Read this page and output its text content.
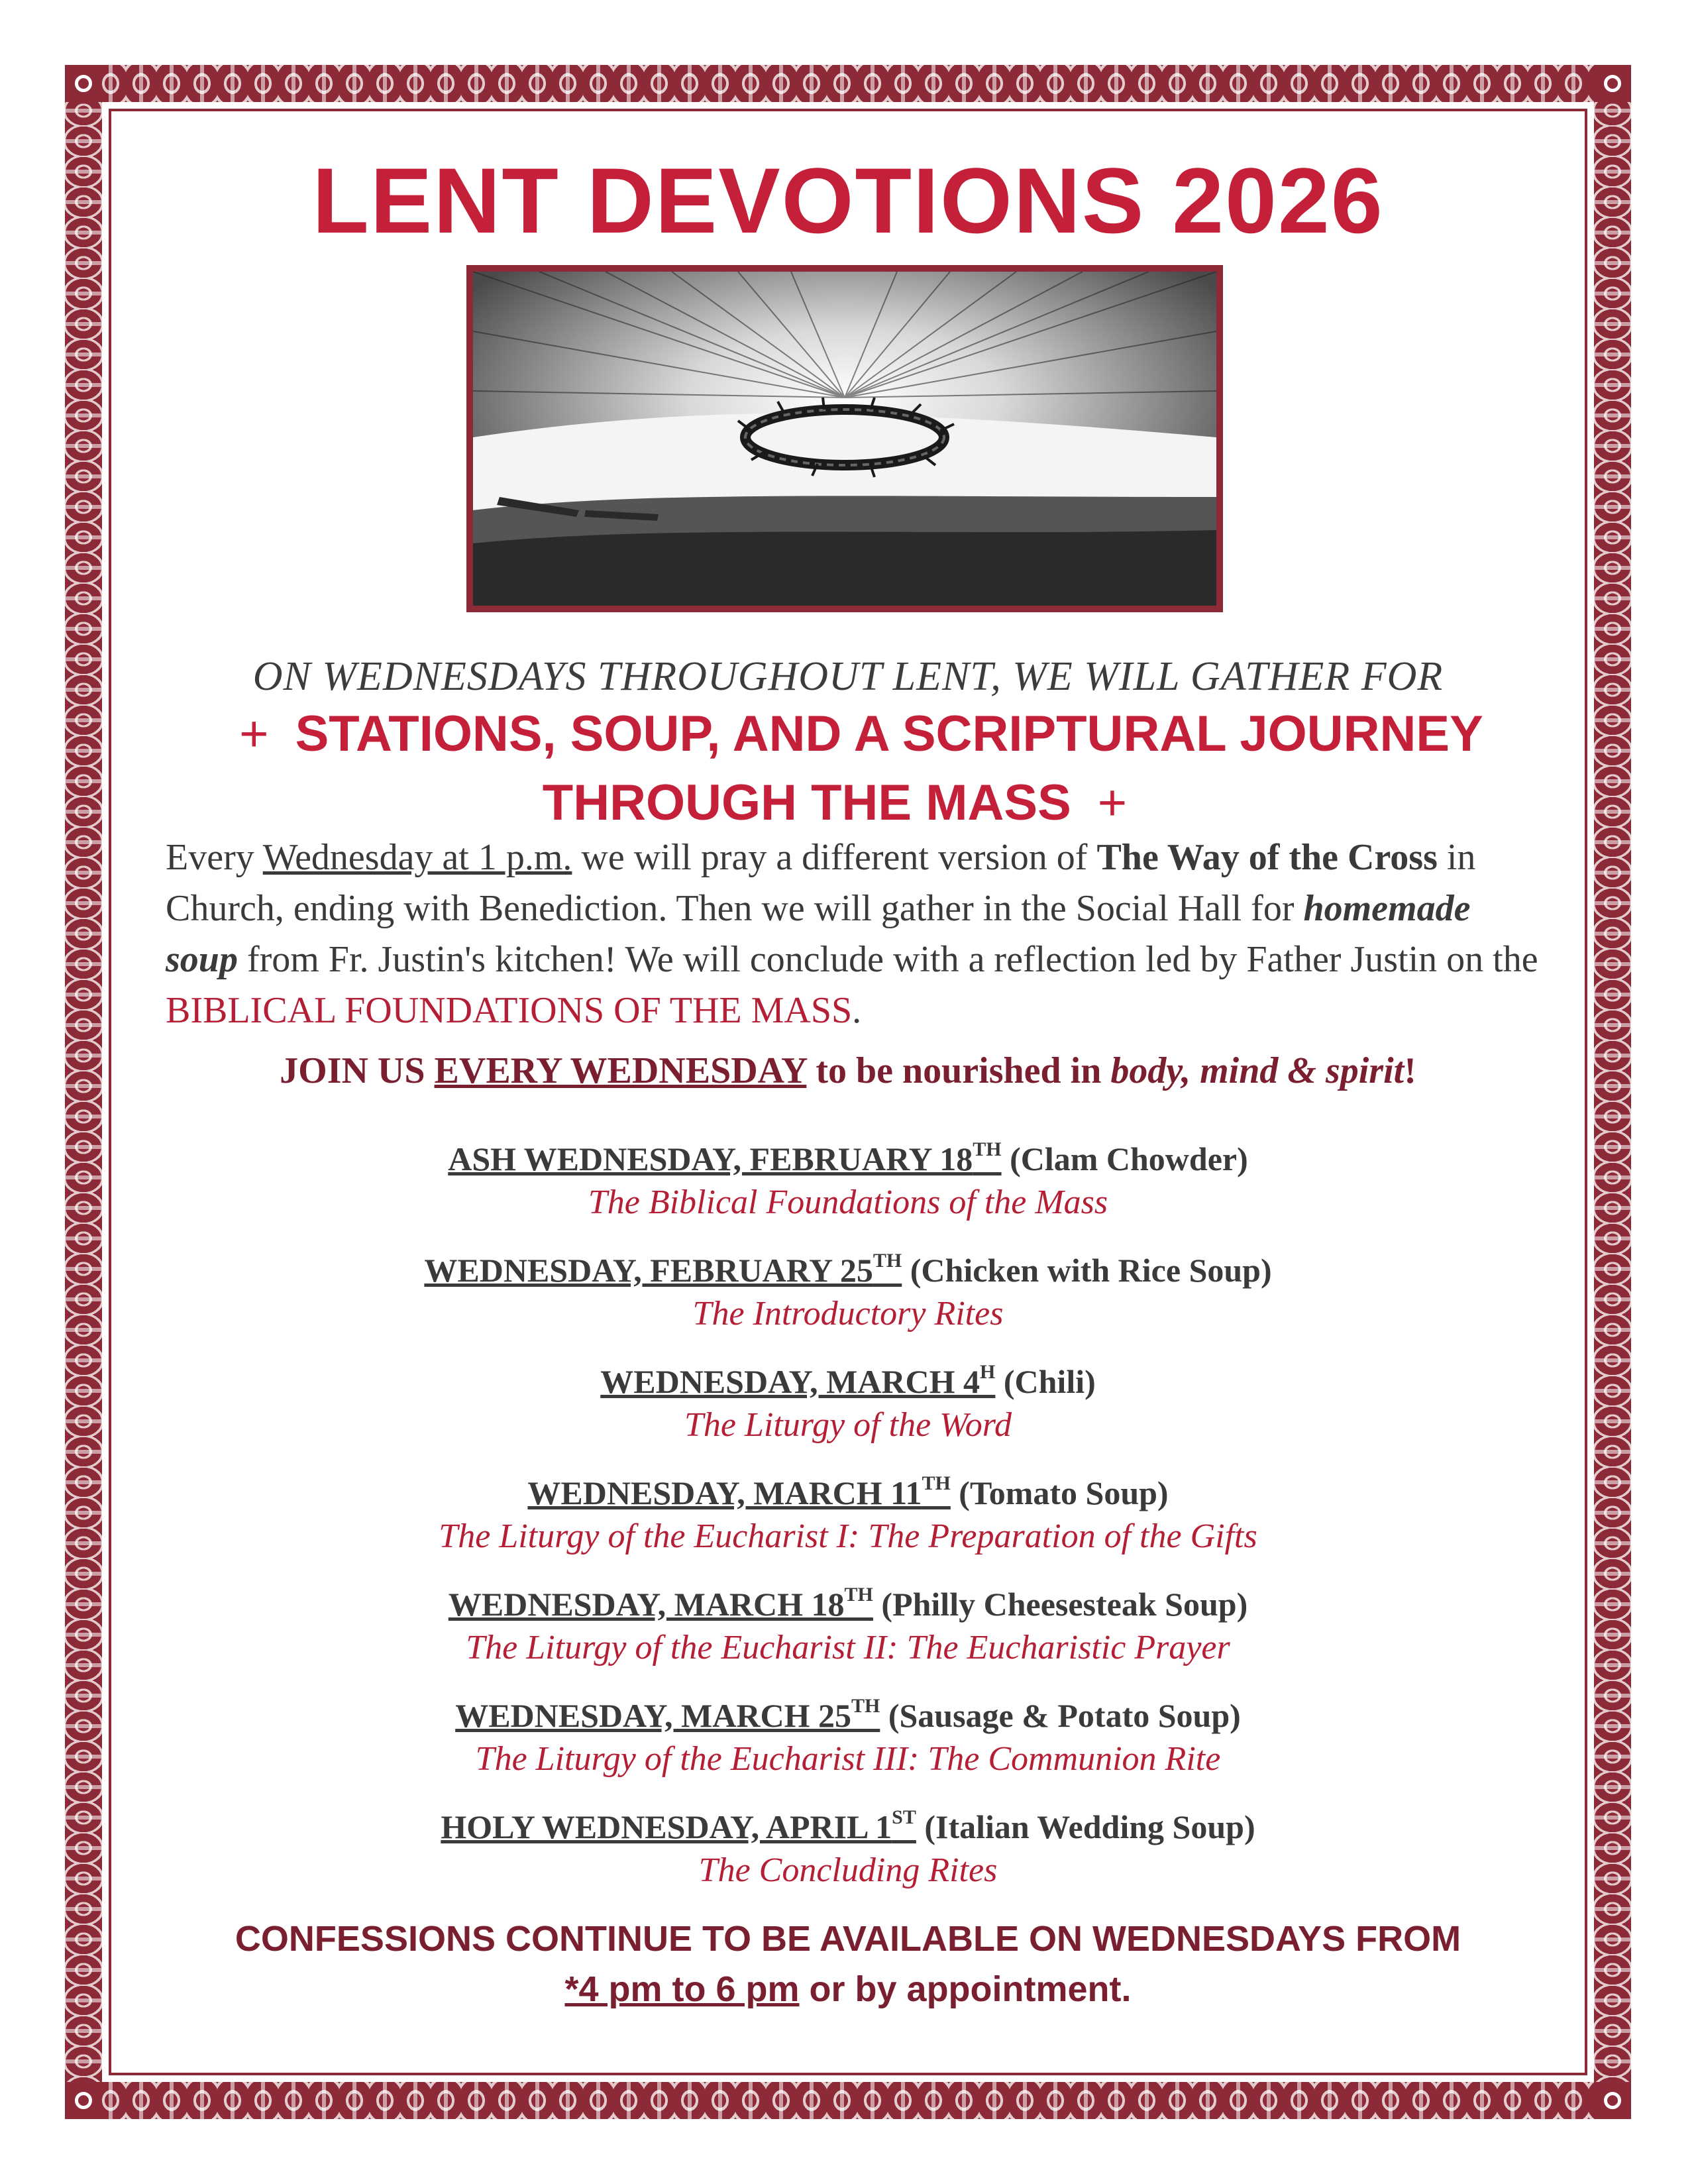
LENT DEVOTIONS 2026
ON WEDNESDAYS THROUGHOUT LENT, WE WILL GATHER FOR
+ STATIONS, SOUP, AND A SCRIPTURAL JOURNEY
THROUGH THE MASS +
Every Wednesday at 1 p.m. we will pray a different version of The Way of the Cross in Church, ending with Benediction. Then we will gather in the Social Hall for homemade soup from Fr. Justin's kitchen! We will conclude with a reflection led by Father Justin on the BIBLICAL FOUNDATIONS OF THE MASS.
JOIN US EVERY WEDNESDAY to be nourished in body, mind & spirit!
ASH WEDNESDAY, FEBRUARY 18TH (Clam Chowder)
The Biblical Foundations of the Mass
WEDNESDAY, FEBRUARY 25TH (Chicken with Rice Soup)
The Introductory Rites
WEDNESDAY, MARCH $4^H$ (Chili)
The Liturgy of the Word
WEDNESDAY, MARCH 11TH (Tomato Soup)
The Liturgy of the Eucharist I: The Preparation of the Gifts
WEDNESDAY, MARCH 18TH (Philly Cheesesteak Soup)
The Liturgy of the Eucharist II: The Eucharistic Prayer
WEDNESDAY, MARCH 25TH (Sausage & Potato Soup)
The Liturgy of the Eucharist III: The Communion Rite
HOLY WEDNESDAY, APRIL 1ST (Italian Wedding Soup)
The Concluding Rites
CONFESSIONS CONTINUE TO BE AVAILABLE ON WEDNESDAYS FROM
*4 pm to 6 pm or by appointment.
